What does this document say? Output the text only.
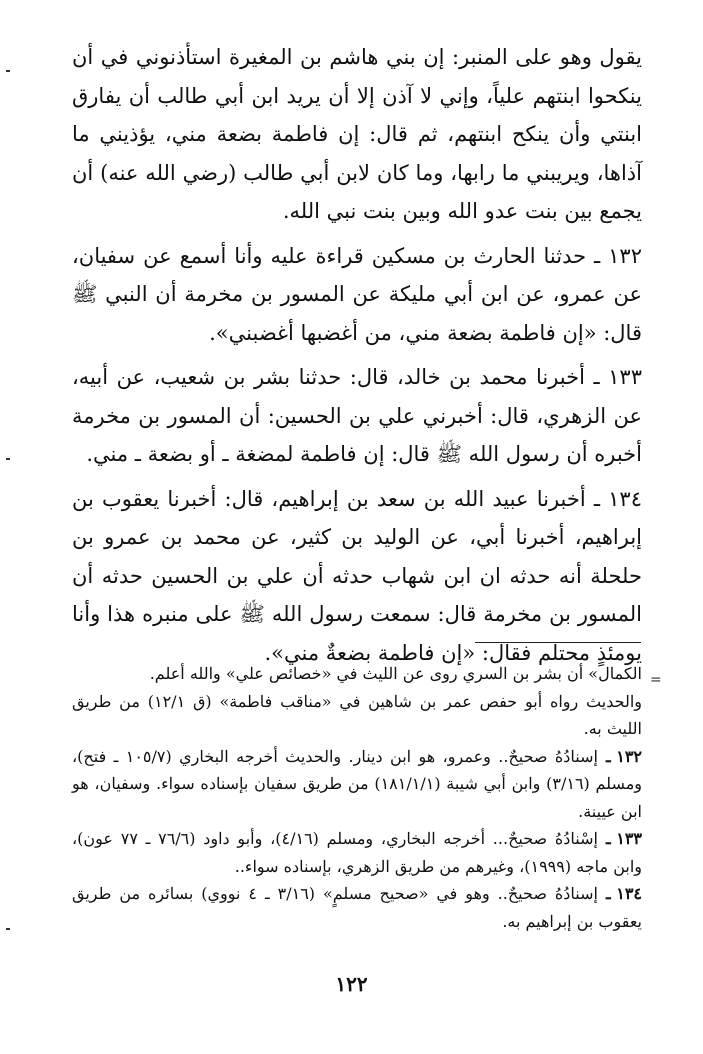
يقول وهو على المنبر: إن بني هاشم بن المغيرة استأذنوني في أن ينكحوا ابنتهم علياً، وإني لا آذن إلا أن يريد ابن أبي طالب أن يفارق ابنتي وأن ينكح ابنتهم، ثم قال: إن فاطمة بضعة مني، يؤذيني ما آذاها، ويريبني ما رابها، وما كان لابن أبي طالب (رضي الله عنه) أن يجمع بين بنت عدو الله وبين بنت نبي الله.

١٣٢ ـ حدثنا الحارث بن مسكين قراءة عليه وأنا أسمع عن سفيان، عن عمرو، عن ابن أبي مليكة عن المسور بن مخرمة أن النبي ﷺ قال: «إن فاطمة بضعة مني، من أغضبها أغضبني».

١٣٣ ـ أخبرنا محمد بن خالد، قال: حدثنا بشر بن شعيب، عن أبيه، عن الزهري، قال: أخبرني علي بن الحسين: أن المسور بن مخرمة أخبره أن رسول الله ﷺ قال: إن فاطمة لمضغة ـ أو بضعة ـ مني.

١٣٤ ـ أخبرنا عبيد الله بن سعد بن إبراهيم، قال: أخبرنا يعقوب بن إبراهيم، أخبرنا أبي، عن الوليد بن كثير، عن محمد بن عمرو بن حلحلة أنه حدثه ان ابن شهاب حدثه أن علي بن الحسين حدثه أن المسور بن مخرمة قال: سمعت رسول الله ﷺ على منبره هذا وأنا يومئذٍ محتلم فقال: «إن فاطمة بضعةٌ مني».

=

الكمال» أن بشر بن السري روى عن الليث في «خصائص علي» والله أعلم.

والحديث رواه أبو حفص عمر بن شاهين في «مناقب فاطمة» (ق ١٢/١) من طريق الليث به.

١٣٢ ـإسنادُهُ صحيحٌ.. وعمرو، هو ابن دينار. والحديث أخرجه البخاري (١٠٥/٧ ـ فتح)، ومسلم (٣/١٦) وابن أبي شيبة (١٨١/١/١) من طريق سفيان بإسناده سواء. وسفيان، هو ابن عيينة.

١٣٣ ـإسْنادُهُ صحيحٌ... أخرجه البخاري، ومسلم (٤/١٦)، وأبو داود (٧٦/٦ ـ ٧٧ عون)، وابن ماجه (١٩٩٩)، وغيرهم من طريق الزهري، بإسناده سواء..

١٣٤ ـإسنادُهُ صحيحٌ.. وهو في «صحيح مسلمٍ» (٣/١٦ ـ ٤ نووي) بسائره من طريق يعقوب بن إبراهيم به.

١٢٢
